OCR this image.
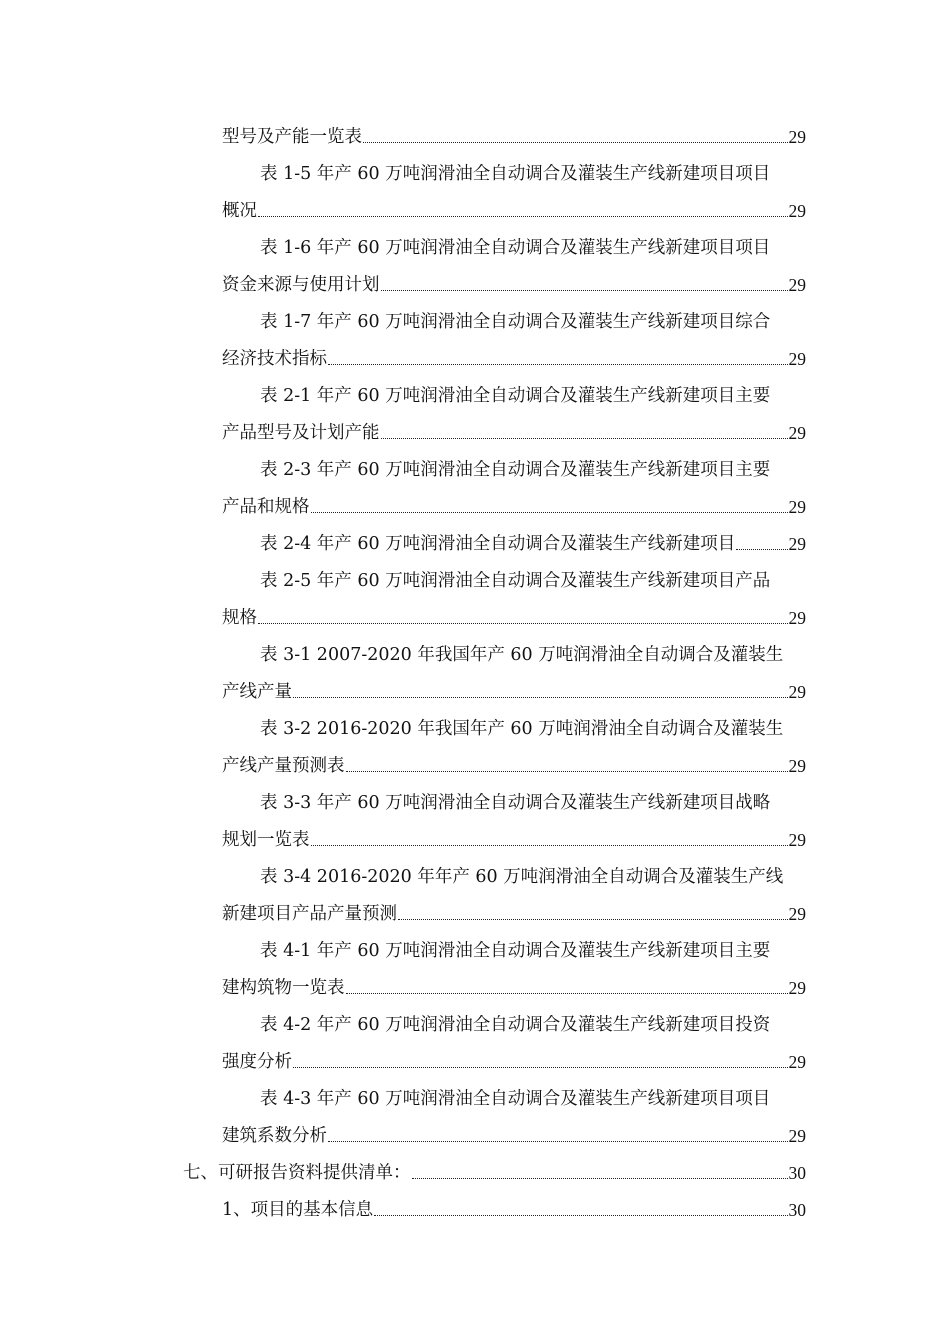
型号及产能一览表	29
表 1-5 年产 60 万吨润滑油全自动调合及灌装生产线新建项目项目
概况	29
表 1-6 年产 60 万吨润滑油全自动调合及灌装生产线新建项目项目
资金来源与使用计划	29
表 1-7 年产 60 万吨润滑油全自动调合及灌装生产线新建项目综合
经济技术指标	29
表 2-1 年产 60 万吨润滑油全自动调合及灌装生产线新建项目主要
产品型号及计划产能	29
表 2-3 年产 60 万吨润滑油全自动调合及灌装生产线新建项目主要
产品和规格	29
表 2-4 年产 60 万吨润滑油全自动调合及灌装生产线新建项目	29
表 2-5 年产 60 万吨润滑油全自动调合及灌装生产线新建项目产品
规格	29
表 3-1 2007-2020 年我国年产 60 万吨润滑油全自动调合及灌装生
产线产量	29
表 3-2 2016-2020 年我国年产 60 万吨润滑油全自动调合及灌装生
产线产量预测表	29
表 3-3 年产 60 万吨润滑油全自动调合及灌装生产线新建项目战略
规划一览表	29
表 3-4 2016-2020 年年产 60 万吨润滑油全自动调合及灌装生产线
新建项目产品产量预测	29
表 4-1 年产 60 万吨润滑油全自动调合及灌装生产线新建项目主要
建构筑物一览表	29
表 4-2 年产 60 万吨润滑油全自动调合及灌装生产线新建项目投资
强度分析	29
表 4-3 年产 60 万吨润滑油全自动调合及灌装生产线新建项目项目
建筑系数分析	29
七、可研报告资料提供清单：	30
1、项目的基本信息	30
